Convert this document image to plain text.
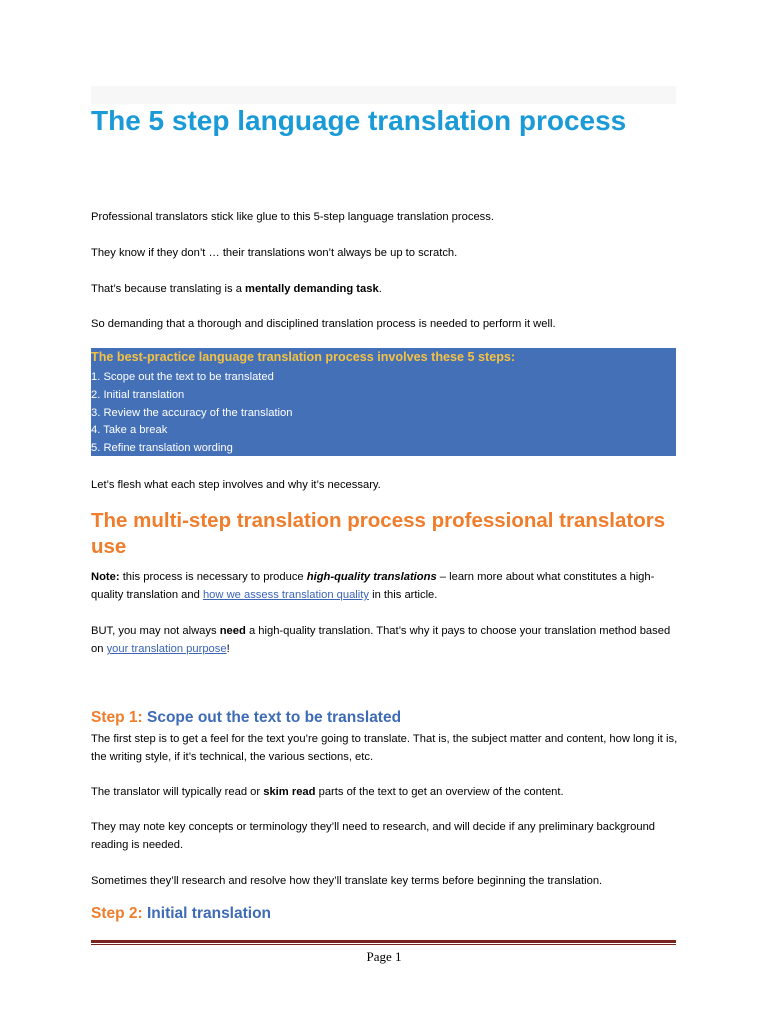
The 5 step language translation process

Professional translators stick like glue to this 5-step language translation process.

They know if they don’t … their translations won’t always be up to scratch.

That’s because translating is a mentally demanding task.

So demanding that a thorough and disciplined translation process is needed to perform it well.

The best-practice language translation process involves these 5 steps:
1. Scope out the text to be translated
2. Initial translation
3. Review the accuracy of the translation
4. Take a break
5. Refine translation wording

Let’s flesh what each step involves and why it’s necessary.

The multi-step translation process professional translators use

Note: this process is necessary to produce high-quality translations – learn more about what constitutes a high-quality translation and how we assess translation quality in this article.

BUT, you may not always need a high-quality translation. That’s why it pays to choose your translation method based on your translation purpose!

Step 1: Scope out the text to be translated

The first step is to get a feel for the text you’re going to translate. That is, the subject matter and content, how long it is, the writing style, if it’s technical, the various sections, etc.

The translator will typically read or skim read parts of the text to get an overview of the content.

They may note key concepts or terminology they’ll need to research, and will decide if any preliminary background reading is needed.

Sometimes they’ll research and resolve how they’ll translate key terms before beginning the translation.

Step 2: Initial translation
Page 1
